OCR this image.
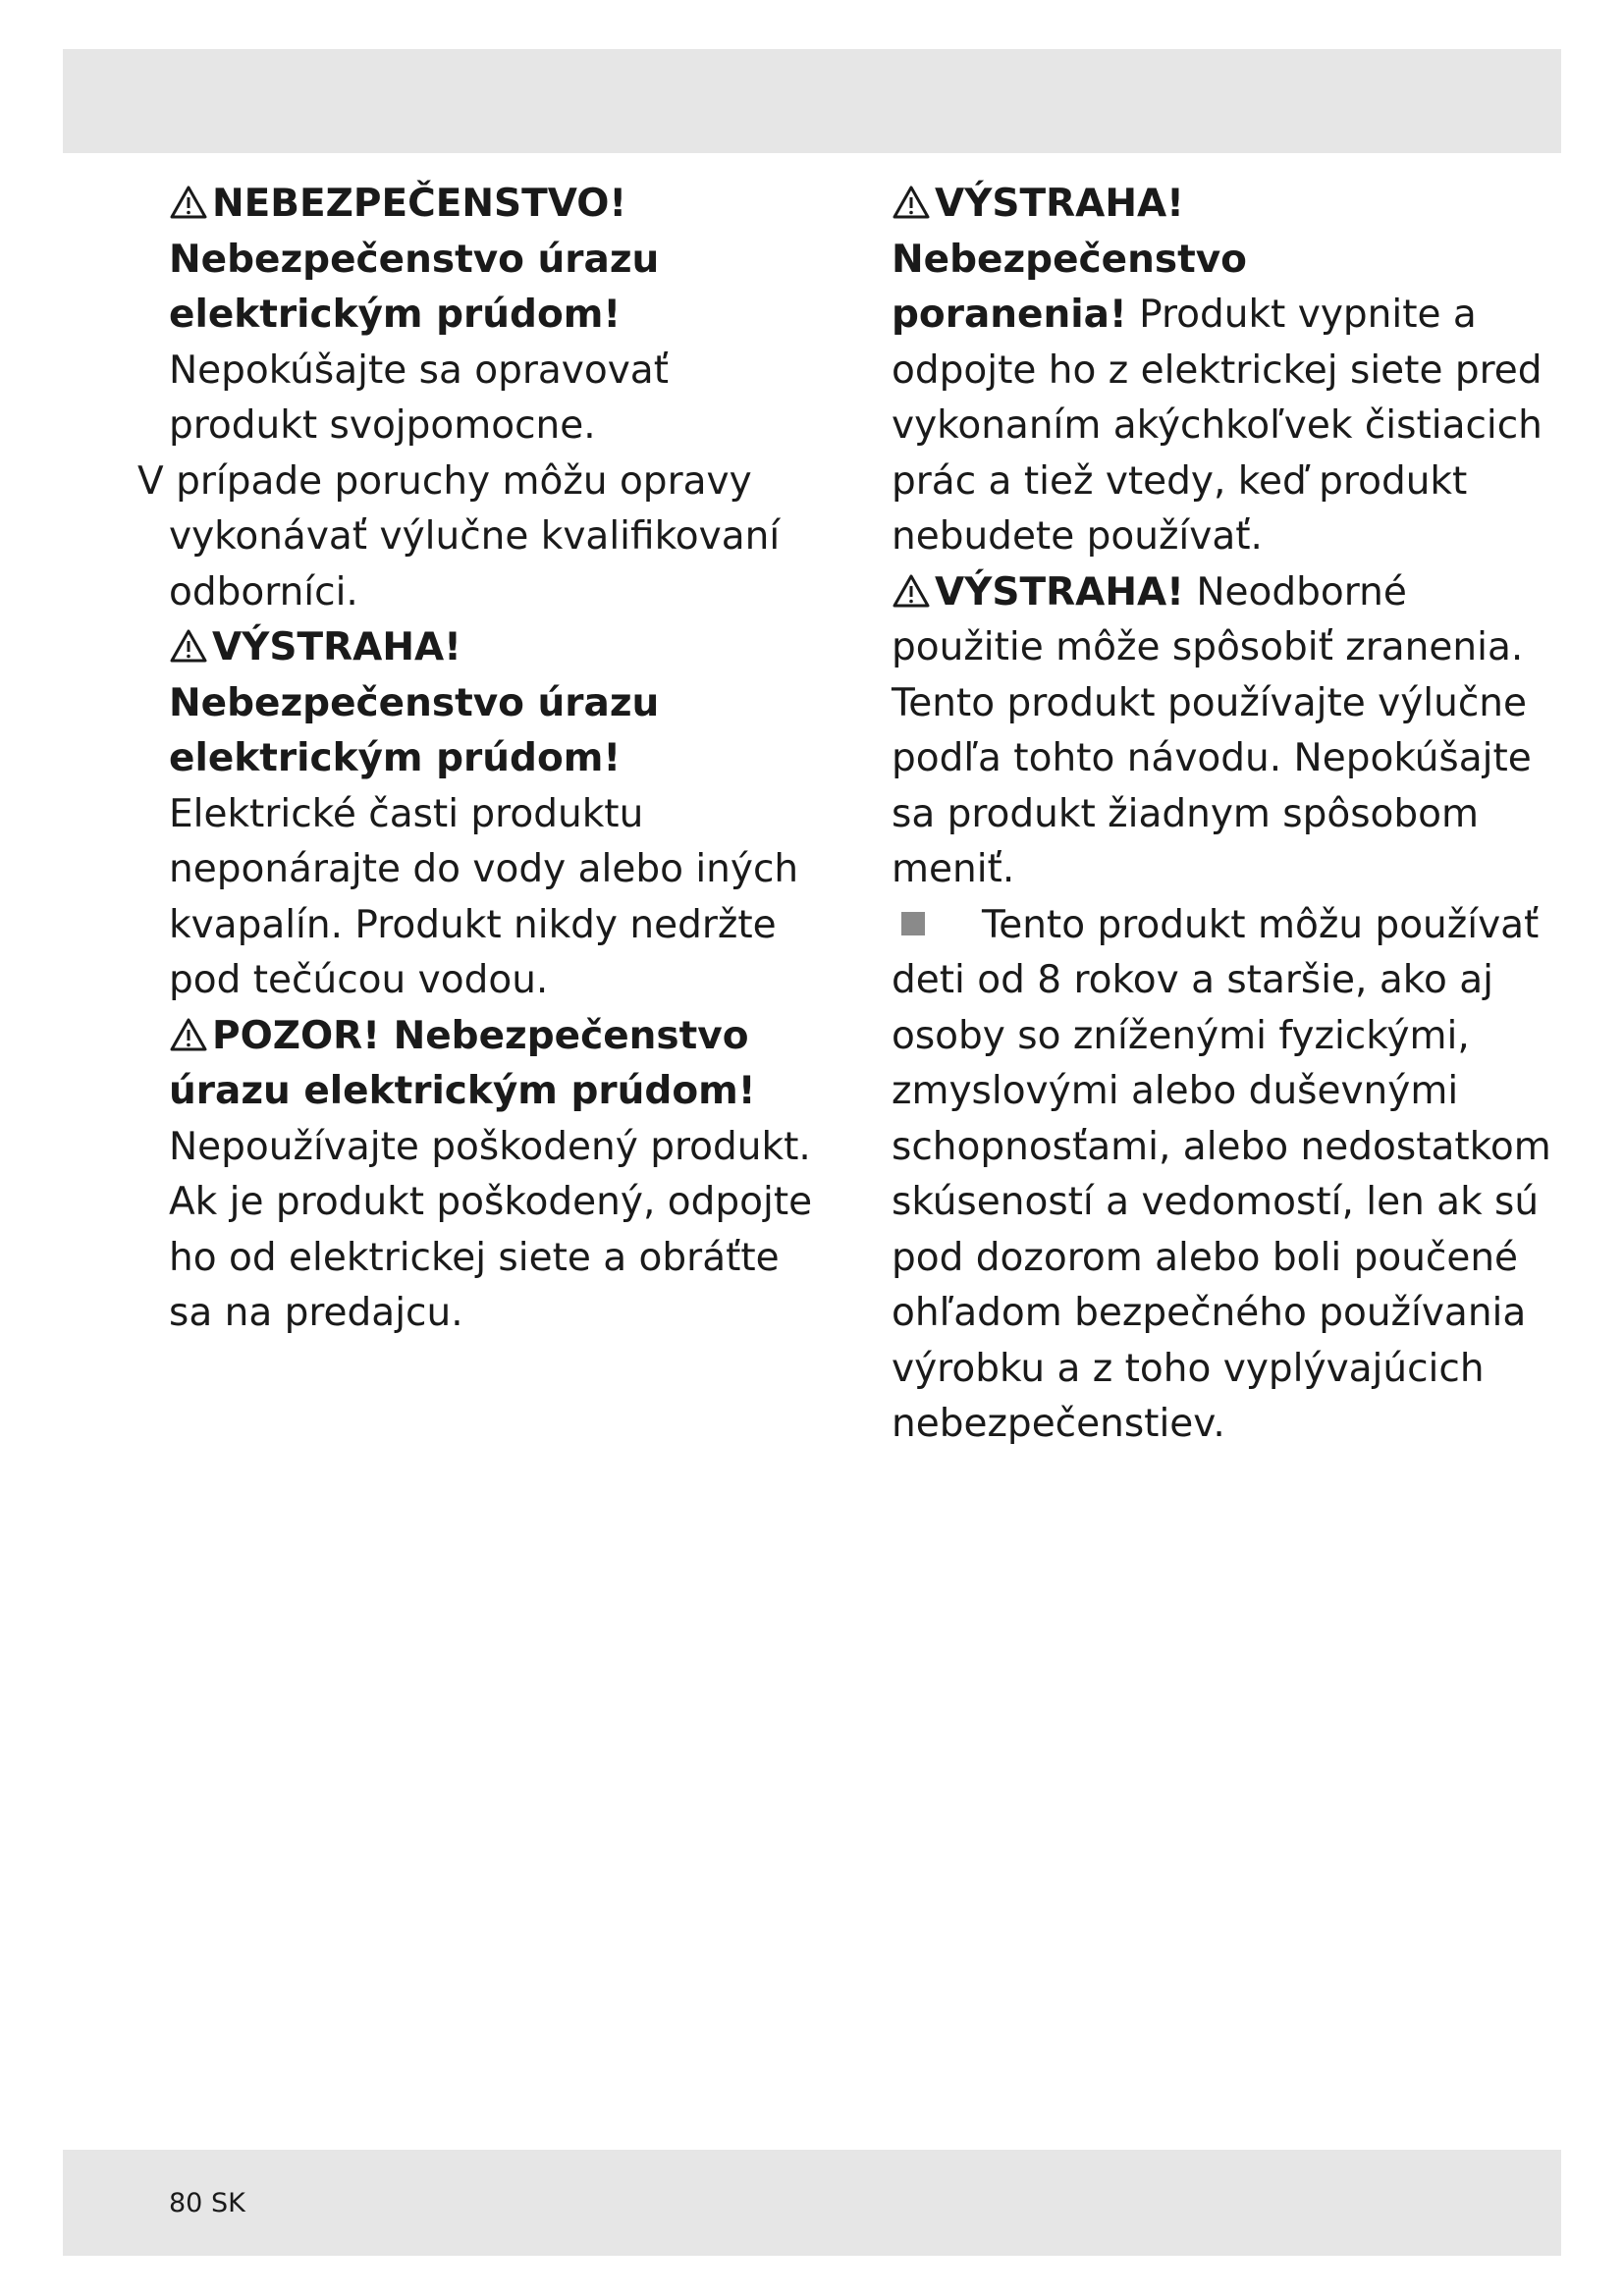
NEBEZPEČENSTVO!
Nebezpečenstvo úrazu
elektrickým prúdom!
Nepokúšajte sa opravovať
produkt svojpomocne.
V prípade poruchy môžu opravy
vykonávať výlučne kvalifikovaní
odborníci.
VÝSTRAHA!
Nebezpečenstvo úrazu
elektrickým prúdom!
Elektrické časti produktu
neponárajte do vody alebo iných
kvapalín. Produkt nikdy nedržte
pod tečúcou vodou.
POZOR! Nebezpečenstvo
úrazu elektrickým prúdom!
Nepoužívajte poškodený produkt.
Ak je produkt poškodený, odpojte
ho od elektrickej siete a obráťte
sa na predajcu.
VÝSTRAHA!
Nebezpečenstvo
poranenia! Produkt vypnite a
odpojte ho z elektrickej siete pred
vykonaním akýchkoľvek čistiacich
prác a tiež vtedy, keď produkt
nebudete používať.
VÝSTRAHA! Neodborné
použitie môže spôsobiť zranenia.
Tento produkt používajte výlučne
podľa tohto návodu. Nepokúšajte
sa produkt žiadnym spôsobom
meniť.
Tento produkt môžu používať
deti od 8 rokov a staršie, ako aj
osoby so zníženými fyzickými,
zmyslovými alebo duševnými
schopnosťami, alebo nedostatkom
skúseností a vedomostí, len ak sú
pod dozorom alebo boli poučené
ohľadom bezpečného používania
výrobku a z toho vyplývajúcich
nebezpečenstiev.
80 SK
